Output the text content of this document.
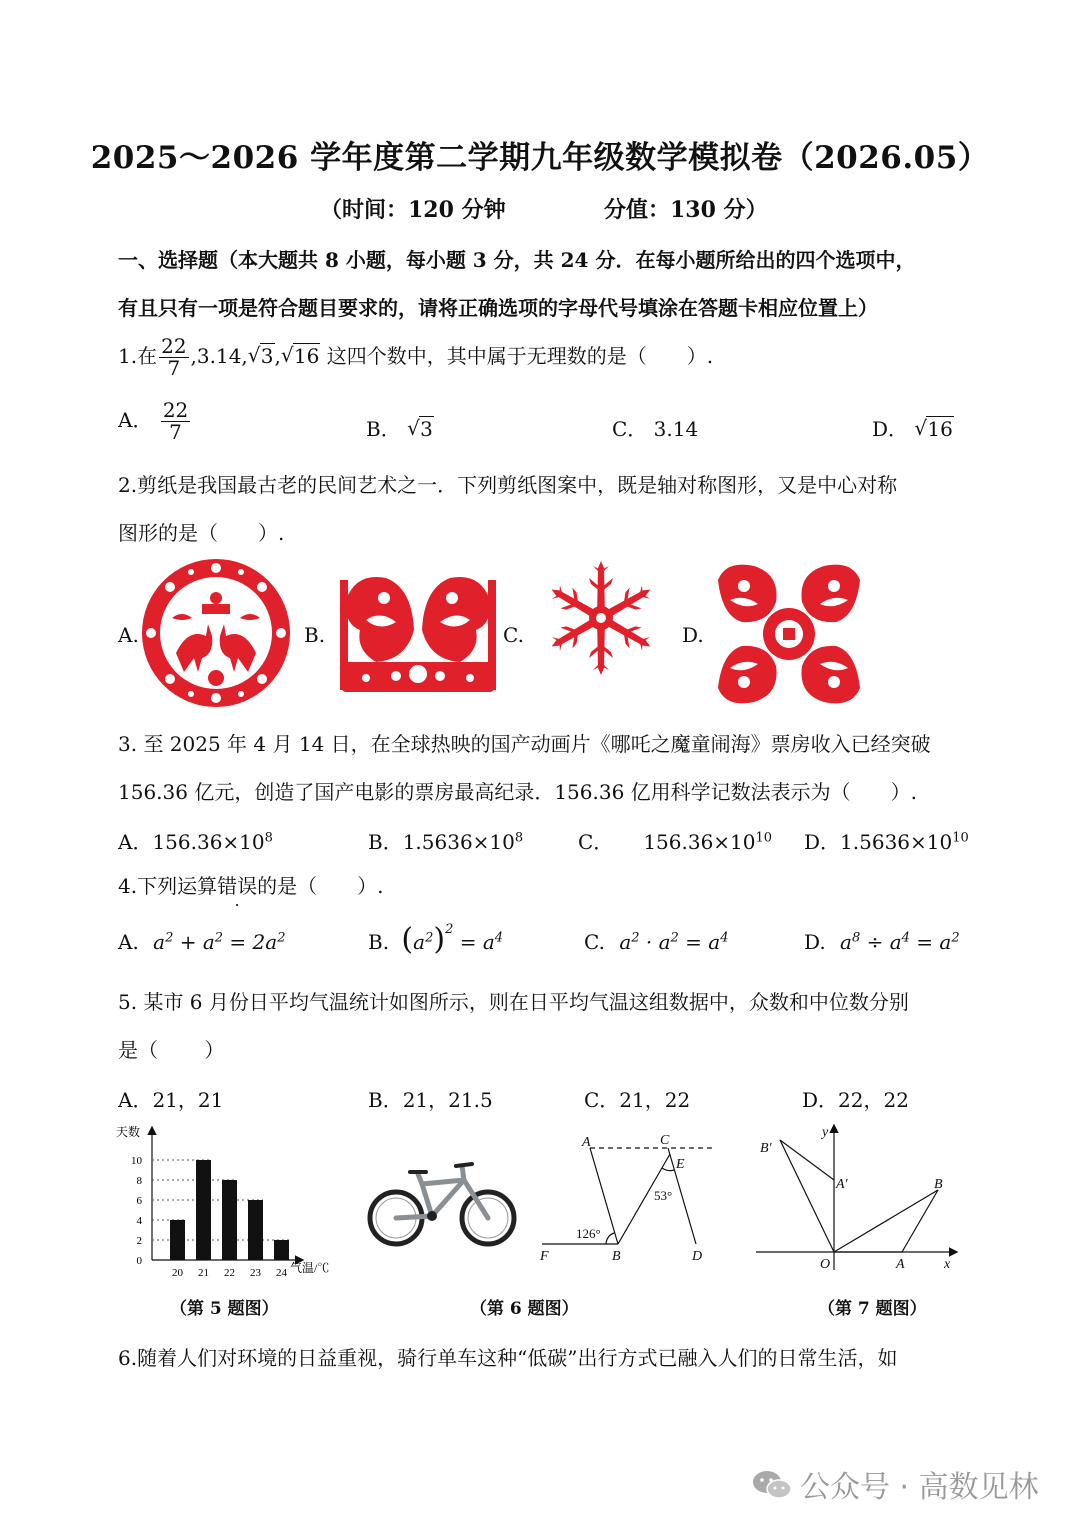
2025～2026 学年度第二学期九年级数学模拟卷（2026.05）
（时间：120 分钟	分值：130 分）
一、选择题（本大题共 8 小题，每小题 3 分，共 24 分．在每小题所给出的四个选项中，
有且只有一项是符合题目要求的，请将正确选项的字母代号填涂在答题卡相应位置上）
1.在 $\frac{22}{7} ,3.14,√$ 3,√ 16 这四个数中，其中属于无理数的是（　　）.
A． $\frac{22}{7}$	B． √ 3	C． 3.14	D． √ 16
2.剪纸是我国最古老的民间艺术之一．下列剪纸图案中，既是轴对称图形，又是中心对称
图形的是（　　）.
A.	B.	C.	D.
3. 至 2025 年 4 月 14 日，在全球热映的国产动画片《哪吒之魔童闹海》票房收入已经突破
156.36 亿元，创造了国产电影的票房最高纪录．156.36 亿用科学记数法表示为（　　）.
A．$156.36\times 10^8$	B．$1.5636\times 10^8$	C． $156.36\times 10^{10}$ D．$1.5636\times 10^{10}$
4.下列运算错误的是（　　）.
A. $a^2 + a^2 = 2a^2$	B. $(a^2)^2 = a^4$	C. $a^2 \cdot a^2 = a^4$	D. $a^8 \div a^4 = a^2$
5. 某市 6 月份日平均气温统计如图所示，则在日平均气温这组数据中，众数和中位数分别
是（　　 ）
A．21，21	B．21，21.5	C．21，22	D．22，22
天数
气温/℃
0
2
4
6
8
10
20 21 22 23 24
A	C
E
53°
126°
F	B	D
y
B′
A′	B
O	A	x
（第 5 题图）	（第 6 题图）	（第 7 题图）
6.随着人们对环境的日益重视，骑行单车这种“低碳”出行方式已融入人们的日常生活，如
公众号 · 高数见林
